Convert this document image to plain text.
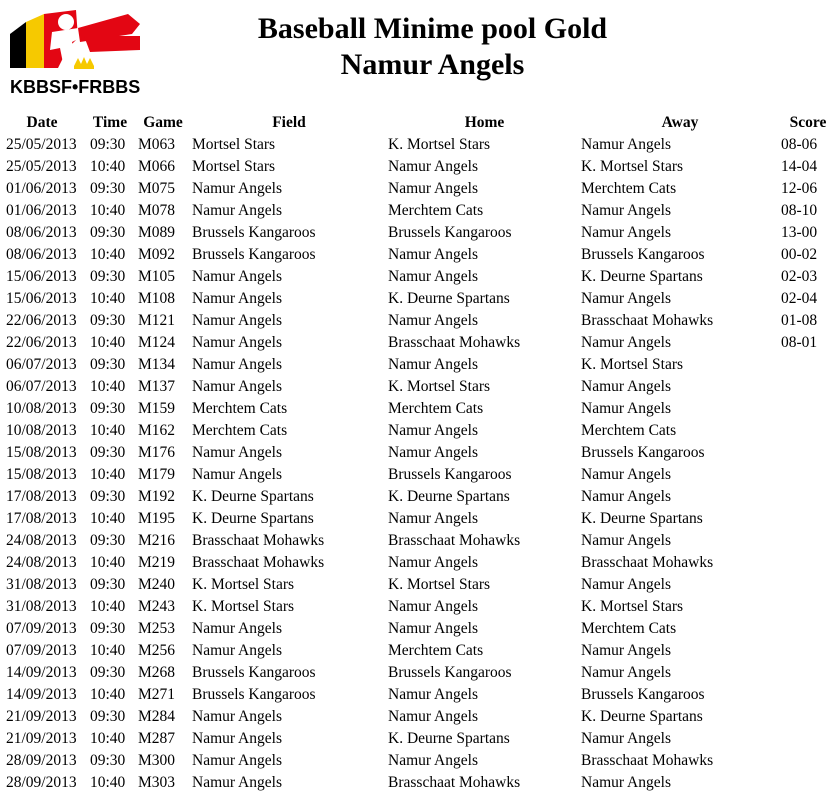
KBBSF•FRBBS
Baseball Minime pool Gold
Namur Angels
Date	Time	Game	Field	Home	Away	Score
25/05/2013	09:30	M063	Mortsel Stars	K. Mortsel Stars	Namur Angels	08-06
25/05/2013	10:40	M066	Mortsel Stars	Namur Angels	K. Mortsel Stars	14-04
01/06/2013	09:30	M075	Namur Angels	Namur Angels	Merchtem Cats	12-06
01/06/2013	10:40	M078	Namur Angels	Merchtem Cats	Namur Angels	08-10
08/06/2013	09:30	M089	Brussels Kangaroos	Brussels Kangaroos	Namur Angels	13-00
08/06/2013	10:40	M092	Brussels Kangaroos	Namur Angels	Brussels Kangaroos	00-02
15/06/2013	09:30	M105	Namur Angels	Namur Angels	K. Deurne Spartans	02-03
15/06/2013	10:40	M108	Namur Angels	K. Deurne Spartans	Namur Angels	02-04
22/06/2013	09:30	M121	Namur Angels	Namur Angels	Brasschaat Mohawks	01-08
22/06/2013	10:40	M124	Namur Angels	Brasschaat Mohawks	Namur Angels	08-01
06/07/2013	09:30	M134	Namur Angels	Namur Angels	K. Mortsel Stars	
06/07/2013	10:40	M137	Namur Angels	K. Mortsel Stars	Namur Angels	
10/08/2013	09:30	M159	Merchtem Cats	Merchtem Cats	Namur Angels	
10/08/2013	10:40	M162	Merchtem Cats	Namur Angels	Merchtem Cats	
15/08/2013	09:30	M176	Namur Angels	Namur Angels	Brussels Kangaroos	
15/08/2013	10:40	M179	Namur Angels	Brussels Kangaroos	Namur Angels	
17/08/2013	09:30	M192	K. Deurne Spartans	K. Deurne Spartans	Namur Angels	
17/08/2013	10:40	M195	K. Deurne Spartans	Namur Angels	K. Deurne Spartans	
24/08/2013	09:30	M216	Brasschaat Mohawks	Brasschaat Mohawks	Namur Angels	
24/08/2013	10:40	M219	Brasschaat Mohawks	Namur Angels	Brasschaat Mohawks	
31/08/2013	09:30	M240	K. Mortsel Stars	K. Mortsel Stars	Namur Angels	
31/08/2013	10:40	M243	K. Mortsel Stars	Namur Angels	K. Mortsel Stars	
07/09/2013	09:30	M253	Namur Angels	Namur Angels	Merchtem Cats	
07/09/2013	10:40	M256	Namur Angels	Merchtem Cats	Namur Angels	
14/09/2013	09:30	M268	Brussels Kangaroos	Brussels Kangaroos	Namur Angels	
14/09/2013	10:40	M271	Brussels Kangaroos	Namur Angels	Brussels Kangaroos	
21/09/2013	09:30	M284	Namur Angels	Namur Angels	K. Deurne Spartans	
21/09/2013	10:40	M287	Namur Angels	K. Deurne Spartans	Namur Angels	
28/09/2013	09:30	M300	Namur Angels	Namur Angels	Brasschaat Mohawks	
28/09/2013	10:40	M303	Namur Angels	Brasschaat Mohawks	Namur Angels	
